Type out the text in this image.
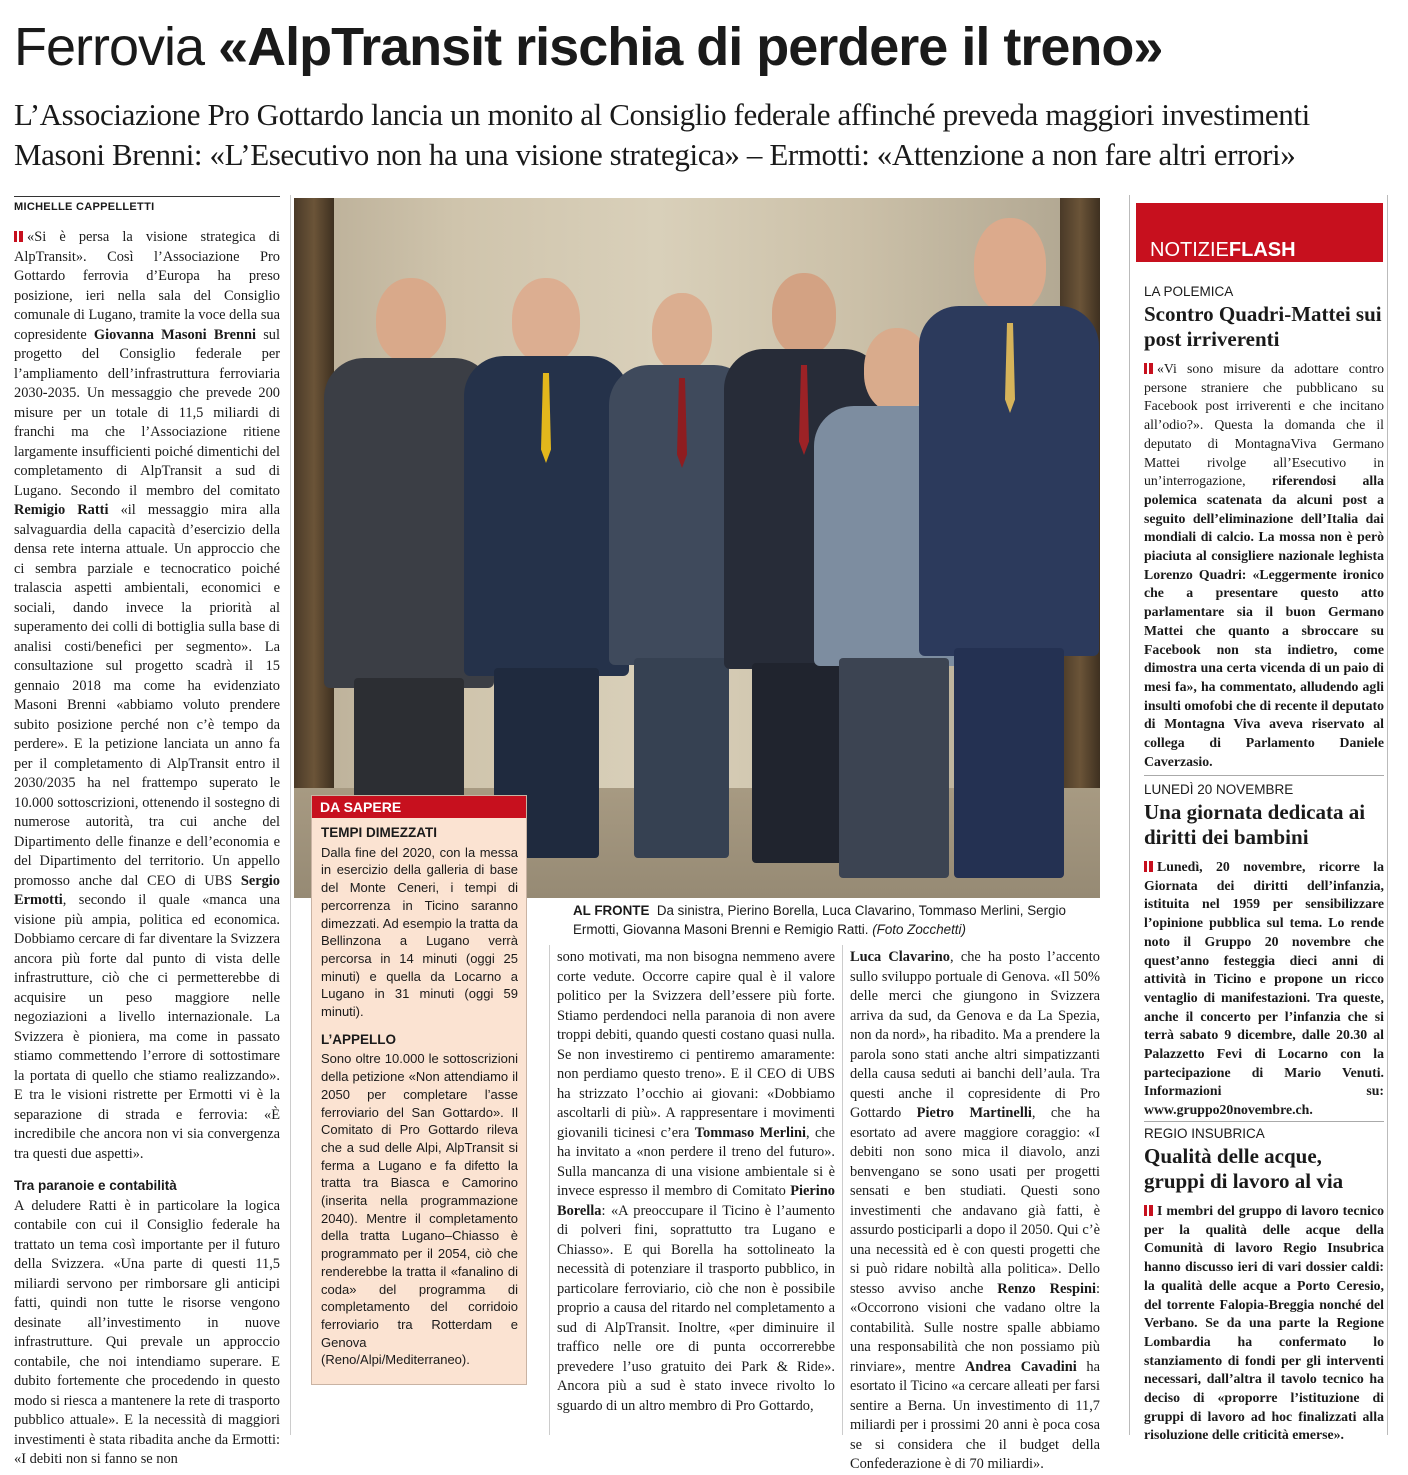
Ferrovia «AlpTransit rischia di perdere il treno»
L’Associazione Pro Gottardo lancia un monito al Consiglio federale affinché preveda maggiori investimenti
Masoni Brenni: «L’Esecutivo non ha una visione strategica» – Ermotti: «Attenzione a non fare altri errori»
MICHELLE CAPPELLETTI

«Si è persa la visione strategica di AlpTransit». Così l’Associazione Pro Gottardo ferrovia d’Europa ha preso posizione, ieri nella sala del Consiglio comunale di Lugano, tramite la voce della sua copresidente Giovanna Masoni Brenni sul progetto del Consiglio federale per l’ampliamento dell’infrastruttura ferroviaria 2030-2035. Un messaggio che prevede 200 misure per un totale di 11,5 miliardi di franchi ma che l’Associazione ritiene largamente insufficienti poiché dimentichi del completamento di AlpTransit a sud di Lugano. Secondo il membro del comitato Remigio Ratti «il messaggio mira alla salvaguardia della capacità d’esercizio della densa rete interna attuale. Un approccio che ci sembra parziale e tecnocratico poiché tralascia aspetti ambientali, economici e sociali, dando invece la priorità al superamento dei colli di bottiglia sulla base di analisi costi/benefici per segmento». La consultazione sul progetto scadrà il 15 gennaio 2018 ma come ha evidenziato Masoni Brenni «abbiamo voluto prendere subito posizione perché non c’è tempo da perdere». E la petizione lanciata un anno fa per il completamento di AlpTransit entro il 2030/2035 ha nel frattempo superato le 10.000 sottoscrizioni, ottenendo il sostegno di numerose autorità, tra cui anche del Dipartimento delle finanze e dell’economia e del Dipartimento del territorio. Un appello promosso anche dal CEO di UBS Sergio Ermotti, secondo il quale «manca una visione più ampia, politica ed economica. Dobbiamo cercare di far diventare la Svizzera ancora più forte dal punto di vista delle infrastrutture, ciò che ci permetterebbe di acquisire un peso maggiore nelle negoziazioni a livello internazionale. La Svizzera è pioniera, ma come in passato stiamo commettendo l’errore di sottostimare la portata di quello che stiamo realizzando». E tra le visioni ristrette per Ermotti vi è la separazione di strada e ferrovia: «È incredibile che ancora non vi sia convergenza tra questi due aspetti».

Tra paranoie e contabilità

A deludere Ratti è in particolare la logica contabile con cui il Consiglio federale ha trattato un tema così importante per il futuro della Svizzera. «Una parte di questi 11,5 miliardi servono per rimborsare gli anticipi fatti, quindi non tutte le risorse vengono desinate all’investimento in nuove infrastrutture. Qui prevale un approccio contabile, che noi intendiamo superare. E dubito fortemente che procedendo in questo modo si riesca a mantenere la rete di trasporto pubblico attuale». E la necessità di maggiori investimenti è stata ribadita anche da Ermotti: «I debiti non si fanno se non

DA SAPERE
TEMPI DIMEZZATI

Dalla fine del 2020, con la messa in esercizio della galleria di base del Monte Ceneri, i tempi di percorrenza in Ticino saranno dimezzati. Ad esempio la tratta da Bellinzona a Lugano verrà percorsa in 14 minuti (oggi 25 minuti) e quella da Locarno a Lugano in 31 minuti (oggi 59 minuti).

L’APPELLO

Sono oltre 10.000 le sottoscrizioni della petizione «Non attendiamo il 2050 per completare l’asse ferroviario del San Gottardo». Il Comitato di Pro Gottardo rileva che a sud delle Alpi, AlpTransit si ferma a Lugano e fa difetto la tratta tra Biasca e Camorino (inserita nella programmazione 2040). Mentre il completamento della tratta Lugano–Chiasso è programmato per il 2054, ciò che renderebbe la tratta il «fanalino di coda» del programma di completamento del corridoio ferroviario tra Rotterdam e Genova (Reno/Alpi/Mediterraneo).

AL FRONTE Da sinistra, Pierino Borella, Luca Clavarino, Tommaso Merlini, Sergio Ermotti, Giovanna Masoni Brenni e Remigio Ratti. (Foto Zocchetti)

sono motivati, ma non bisogna nemmeno avere corte vedute. Occorre capire qual è il valore politico per la Svizzera dell’essere più forte. Stiamo perdendoci nella paranoia di non avere troppi debiti, quando questi costano quasi nulla. Se non investiremo ci pentiremo amaramente: non perdiamo questo treno». E il CEO di UBS ha strizzato l’occhio ai giovani: «Dobbiamo ascoltarli di più». A rappresentare i movimenti giovanili ticinesi c’era Tommaso Merlini, che ha invitato a «non perdere il treno del futuro». Sulla mancanza di una visione ambientale si è invece espresso il membro di Comitato Pierino Borella: «A preoccupare il Ticino è l’aumento di polveri fini, soprattutto tra Lugano e Chiasso». E qui Borella ha sottolineato la necessità di potenziare il trasporto pubblico, in particolare ferroviario, ciò che non è possibile proprio a causa del ritardo nel completamento a sud di AlpTransit. Inoltre, «per diminuire il traffico nelle ore di punta occorrerebbe prevedere l’uso gratuito dei Park & Ride». Ancora più a sud è stato invece rivolto lo sguardo di un altro membro di Pro Gottardo,

Luca Clavarino, che ha posto l’accento sullo sviluppo portuale di Genova. «Il 50% delle merci che giungono in Svizzera arriva da sud, da Genova e da La Spezia, non da nord», ha ribadito. Ma a prendere la parola sono stati anche altri simpatizzanti della causa seduti ai banchi dell’aula. Tra questi anche il copresidente di Pro Gottardo Pietro Martinelli, che ha esortato ad avere maggiore coraggio: «I debiti non sono mica il diavolo, anzi benvengano se sono usati per progetti sensati e ben studiati. Questi sono investimenti che andavano già fatti, è assurdo posticiparli a dopo il 2050. Qui c’è una necessità ed è con questi progetti che si può ridare nobiltà alla politica». Dello stesso avviso anche Renzo Respini: «Occorrono visioni che vadano oltre la contabilità. Sulle nostre spalle abbiamo una responsabilità che non possiamo più rinviare», mentre Andrea Cavadini ha esortato il Ticino «a cercare alleati per farsi sentire a Berna. Un investimento di 11,7 miliardi per i prossimi 20 anni è poca cosa se si considera che il budget della Confederazione è di 70 miliardi».

NOTIZIEFLASH
LA POLEMICA
Scontro Quadri-Mattei sui post irriverenti
«Vi sono misure da adottare contro persone straniere che pubblicano su Facebook post irriverenti e che incitano all’odio?». Questa la domanda che il deputato di MontagnaViva Germano Mattei rivolge all’Esecutivo in un’interrogazione, riferendosi alla polemica scatenata da alcuni post a seguito dell’eliminazione dell’Italia dai mondiali di calcio. La mossa non è però piaciuta al consigliere nazionale leghista Lorenzo Quadri: «Leggermente ironico che a presentare questo atto parlamentare sia il buon Germano Mattei che quanto a sbroccare su Facebook non sta indietro, come dimostra una certa vicenda di un paio di mesi fa», ha commentato, alludendo agli insulti omofobi che di recente il deputato di Montagna Viva aveva riservato al collega di Parlamento Daniele Caverzasio.
LUNEDÌ 20 NOVEMBRE
Una giornata dedicata ai diritti dei bambini
Lunedì, 20 novembre, ricorre la Giornata dei diritti dell’infanzia, istituita nel 1959 per sensibilizzare l’opinione pubblica sul tema. Lo rende noto il Gruppo 20 novembre che quest’anno festeggia dieci anni di attività in Ticino e propone un ricco ventaglio di manifestazioni. Tra queste, anche il concerto per l’infanzia che si terrà sabato 9 dicembre, dalle 20.30 al Palazzetto Fevi di Locarno con la partecipazione di Mario Venuti. Informazioni su: www.gruppo20novembre.ch.
REGIO INSUBRICA
Qualità delle acque, gruppi di lavoro al via
I membri del gruppo di lavoro tecnico per la qualità delle acque della Comunità di lavoro Regio Insubrica hanno discusso ieri di vari dossier caldi: la qualità delle acque a Porto Ceresio, del torrente Falopia-Breggia nonché del Verbano. Se da una parte la Regione Lombardia ha confermato lo stanziamento di fondi per gli interventi necessari, dall’altra il tavolo tecnico ha deciso di «proporre l’istituzione di gruppi di lavoro ad hoc finalizzati alla risoluzione delle criticità emerse».
